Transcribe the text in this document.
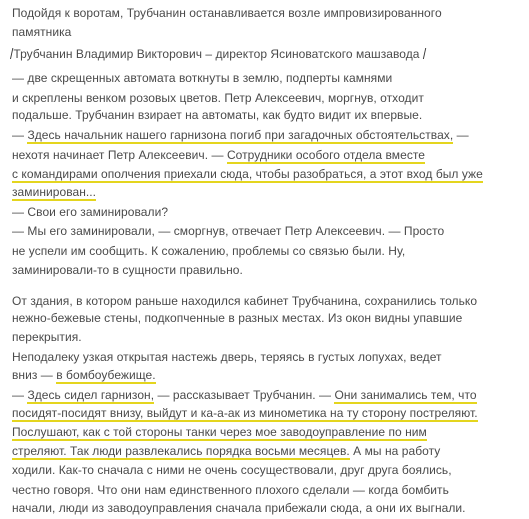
Подойдя к воротам, Трубчанин останавливается возле импровизированного
памятника
/Трубчанин Владимир Викторович – директор Ясиноватского машзавода /
— две скрещенных автомата воткнуты в землю, подперты камнями
и скреплены венком розовых цветов. Петр Алексеевич, моргнув, отходит
подальше. Трубчанин взирает на автоматы, как будто видит их впервые.
— Здесь начальник нашего гарнизона погиб при загадочных обстоятельствах, —
нехотя начинает Петр Алексеевич. — Сотрудники особого отдела вместе
с командирами ополчения приехали сюда, чтобы разобраться, а этот вход был уже
заминирован...
— Свои его заминировали?
— Мы его заминировали, — сморгнув, отвечает Петр Алексеевич. — Просто
не успели им сообщить. К сожалению, проблемы со связью были. Ну,
заминировали-то в сущности правильно.
От здания, в котором раньше находился кабинет Трубчанина, сохранились только
нежно-бежевые стены, подкопченные в разных местах. Из окон видны упавшие
перекрытия.
Неподалеку узкая открытая настежь дверь, теряясь в густых лопухах, ведет
вниз — в бомбоубежище.
— Здесь сидел гарнизон, — рассказывает Трубчанин. — Они занимались тем, что
посидят-посидят внизу, выйдут и ка-а-ак из минометика на ту сторону постреляют.
Послушают, как с той стороны танки через мое заводоуправление по ним
стреляют. Так люди развлекались порядка восьми месяцев. А мы на работу
ходили. Как-то сначала с ними не очень сосуществовали, друг друга боялись,
честно говоря. Что они нам единственного плохого сделали — когда бомбить
начали, люди из заводоуправления сначала прибежали сюда, а они их выгнали.
